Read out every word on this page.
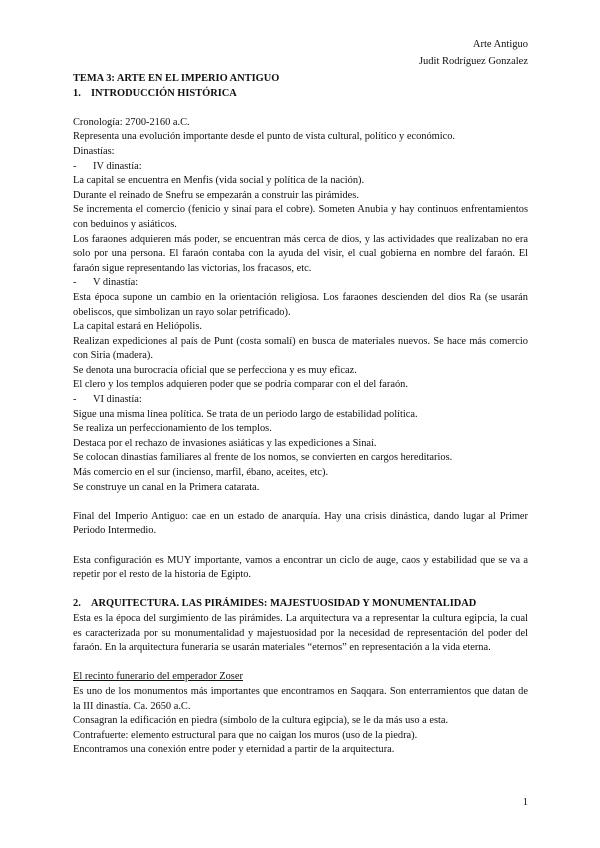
Arte Antiguo
Judit Rodríguez Gonzalez

TEMA 3: ARTE EN EL IMPERIO ANTIGUO

1. INTRODUCCIÓN HISTÓRICA

Cronología: 2700-2160 a.C.

Representa una evolución importante desde el punto de vista cultural, político y económico.

Dinastías:

- IV dinastía:

La capital se encuentra en Menfis (vida social y política de la nación).

Durante el reinado de Snefru se empezarán a construir las pirámides.

Se incrementa el comercio (fenicio y sinaí para el cobre). Someten Anubia y hay continuos enfrentamientos con beduinos y asiáticos.

Los faraones adquieren más poder, se encuentran más cerca de dios, y las actividades que realizaban no era solo por una persona. El faraón contaba con la ayuda del visir, el cual gobierna en nombre del faraón. El faraón sigue representando las victorias, los fracasos, etc.

- V dinastía:

Esta época supone un cambio en la orientación religiosa. Los faraones descienden del dios Ra (se usarán obeliscos, que simbolizan un rayo solar petrificado).

La capital estará en Heliópolis.

Realizan expediciones al país de Punt (costa somalí) en busca de materiales nuevos. Se hace más comercio con Siria (madera).

Se denota una burocracia oficial que se perfecciona y es muy eficaz.

El clero y los templos adquieren poder que se podría comparar con el del faraón.

- VI dinastía:

Sigue una misma línea política. Se trata de un periodo largo de estabilidad política.

Se realiza un perfeccionamiento de los templos.

Destaca por el rechazo de invasiones asiáticas y las expediciones a Sinaí.

Se colocan dinastías familiares al frente de los nomos, se convierten en cargos hereditarios.

Más comercio en el sur (incienso, marfil, ébano, aceites, etc).

Se construye un canal en la Primera catarata.

Final del Imperio Antiguo: cae en un estado de anarquía. Hay una crisis dinástica, dando lugar al Primer Periodo Intermedio.

Esta configuración es MUY importante, vamos a encontrar un ciclo de auge, caos y estabilidad que se va a repetir por el resto de la historia de Egipto.

2. ARQUITECTURA. LAS PIRÁMIDES: MAJESTUOSIDAD Y MONUMENTALIDAD

Esta es la época del surgimiento de las pirámides. La arquitectura va a representar la cultura egipcia, la cual es caracterizada por su monumentalidad y majestuosidad por la necesidad de representación del poder del faraón. En la arquitectura funeraria se usarán materiales “eternos” en representación a la vida eterna.

El recinto funerario del emperador Zoser

Es uno de los monumentos más importantes que encontramos en Saqqara. Son enterramientos que datan de la III dinastía. Ca. 2650 a.C.

Consagran la edificación en piedra (símbolo de la cultura egipcia), se le da más uso a esta.

Contrafuerte: elemento estructural para que no caigan los muros (uso de la piedra).

Encontramos una conexión entre poder y eternidad a partir de la arquitectura.

1
